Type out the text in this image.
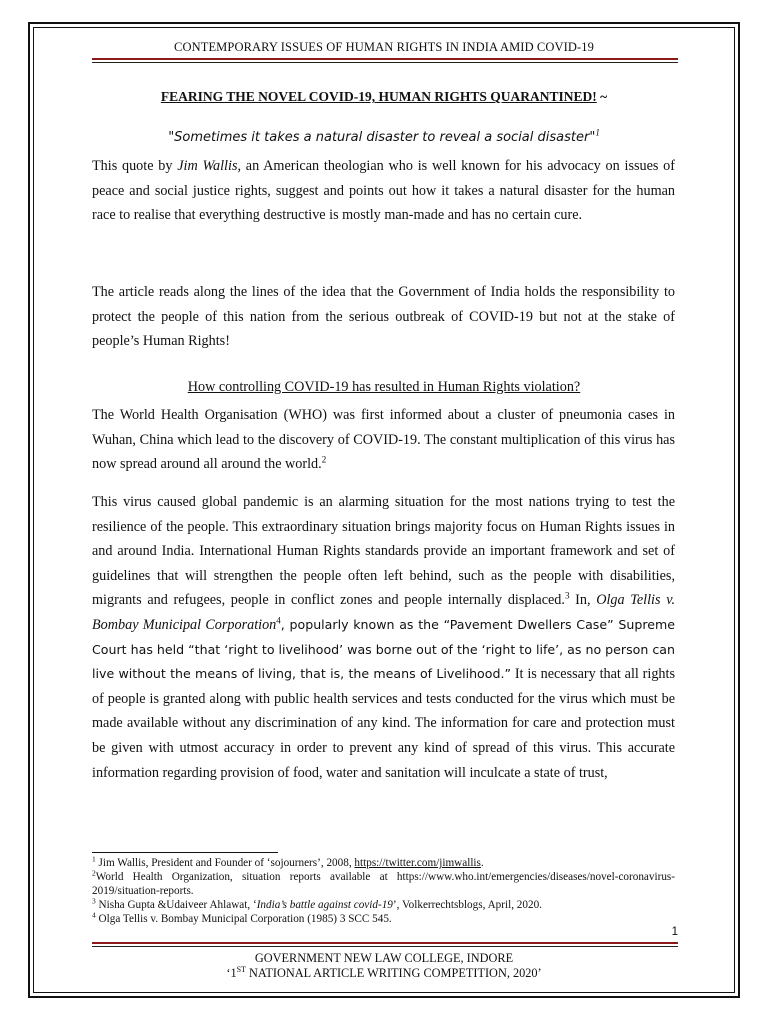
CONTEMPORARY ISSUES OF HUMAN RIGHTS IN INDIA AMID COVID-19
FEARING THE NOVEL COVID-19, HUMAN RIGHTS QUARANTINED! ~
"Sometimes it takes a natural disaster to reveal a social disaster"$^1$
This quote by Jim Wallis, an American theologian who is well known for his advocacy on issues of peace and social justice rights, suggest and points out how it takes a natural disaster for the human race to realise that everything destructive is mostly man-made and has no certain cure.
The article reads along the lines of the idea that the Government of India holds the responsibility to protect the people of this nation from the serious outbreak of COVID-19 but not at the stake of people’s Human Rights!
How controlling COVID-19 has resulted in Human Rights violation?
The World Health Organisation (WHO) was first informed about a cluster of pneumonia cases in Wuhan, China which lead to the discovery of COVID-19. The constant multiplication of this virus has now spread around all around the world.$^2$
This virus caused global pandemic is an alarming situation for the most nations trying to test the resilience of the people. This extraordinary situation brings majority focus on Human Rights issues in and around India. International Human Rights standards provide an important framework and set of guidelines that will strengthen the people often left behind, such as the people with disabilities, migrants and refugees, people in conflict zones and people internally displaced.$^3$ In, Olga Tellis v. Bombay Municipal Corporation$^4$, popularly known as the “Pavement Dwellers Case” Supreme Court has held “that ‘right to livelihood’ was borne out of the ‘right to life’, as no person can live without the means of living, that is, the means of Livelihood.” It is necessary that all rights of people is granted along with public health services and tests conducted for the virus which must be made available without any discrimination of any kind. The information for care and protection must be given with utmost accuracy in order to prevent any kind of spread of this virus. This accurate information regarding provision of food, water and sanitation will inculcate a state of trust,
$^1$ Jim Wallis, President and Founder of ‘sojourners’, 2008, https://twitter.com/jimwallis.
$^2$World Health Organization, situation reports available at https://www.who.int/emergencies/diseases/novel-coronavirus-2019/situation-reports.
$^3$ Nisha Gupta &Udaiveer Ahlawat, ‘India’s battle against covid-19’, Volkerrechtsblogs, April, 2020.
$^4$ Olga Tellis v. Bombay Municipal Corporation (1985) 3 SCC 545.
1
GOVERNMENT NEW LAW COLLEGE, INDORE
‘1ST NATIONAL ARTICLE WRITING COMPETITION, 2020’
